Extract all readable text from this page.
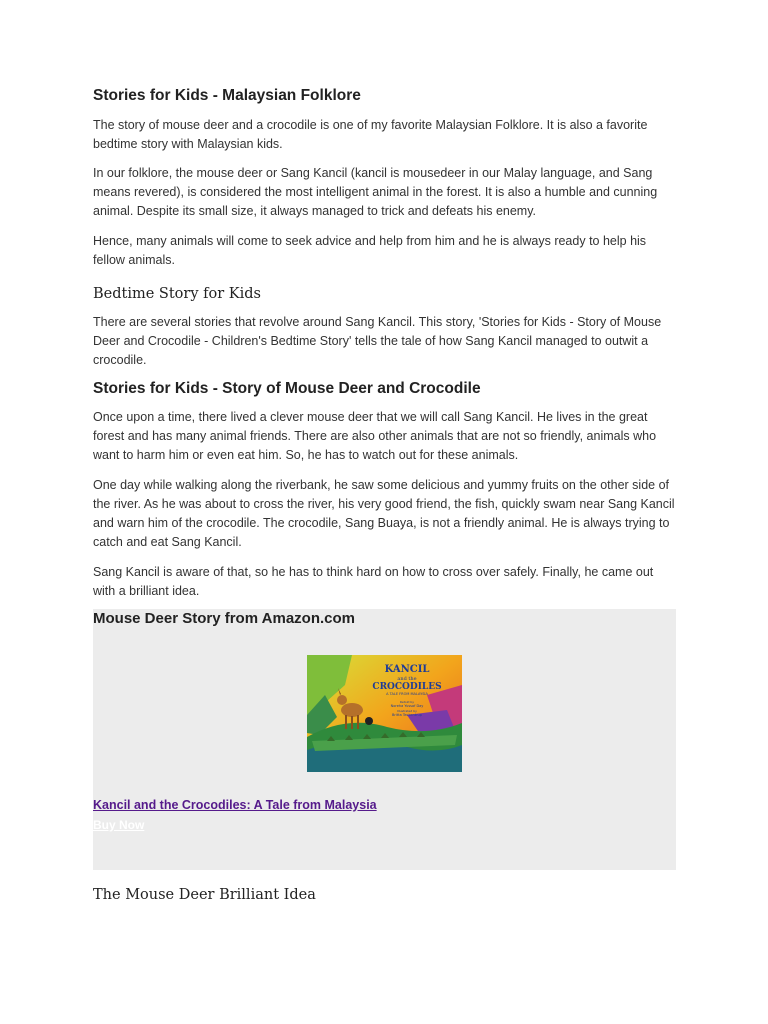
Stories for Kids - Malaysian Folklore

The story of mouse deer and a crocodile is one of my favorite Malaysian Folklore. It is also a favorite bedtime story with Malaysian kids.

In our folklore, the mouse deer or Sang Kancil (kancil is mousedeer in our Malay language, and Sang means revered), is considered the most intelligent animal in the forest. It is also a humble and cunning animal. Despite its small size, it always managed to trick and defeats his enemy.

Hence, many animals will come to seek advice and help from him and he is always ready to help his fellow animals.

Bedtime Story for Kids

There are several stories that revolve around Sang Kancil. This story, 'Stories for Kids - Story of Mouse Deer and Crocodile - Children's Bedtime Story' tells the tale of how Sang Kancil managed to outwit a crocodile.

Stories for Kids - Story of Mouse Deer and Crocodile

Once upon a time, there lived a clever mouse deer that we will call Sang Kancil. He lives in the great forest and has many animal friends. There are also other animals that are not so friendly, animals who want to harm him or even eat him. So, he has to watch out for these animals.

One day while walking along the riverbank, he saw some delicious and yummy fruits on the other side of the river. As he was about to cross the river, his very good friend, the fish, quickly swam near Sang Kancil and warn him of the crocodile. The crocodile, Sang Buaya, is not a friendly animal. He is always trying to catch and eat Sang Kancil.

Sang Kancil is aware of that, so he has to think hard on how to cross over safely. Finally, he came out with a brilliant idea.

The Mouse Deer Brilliant Idea
Mouse Deer Story from Amazon.com
KANCIL
and the
CROCODILES
A TALE FROM MALAYSIA
Retold by
Noreha Yussof Day
Illustrated by
Britta Teckentrup
Kancil and the Crocodiles: A Tale from Malaysia
Buy Now
